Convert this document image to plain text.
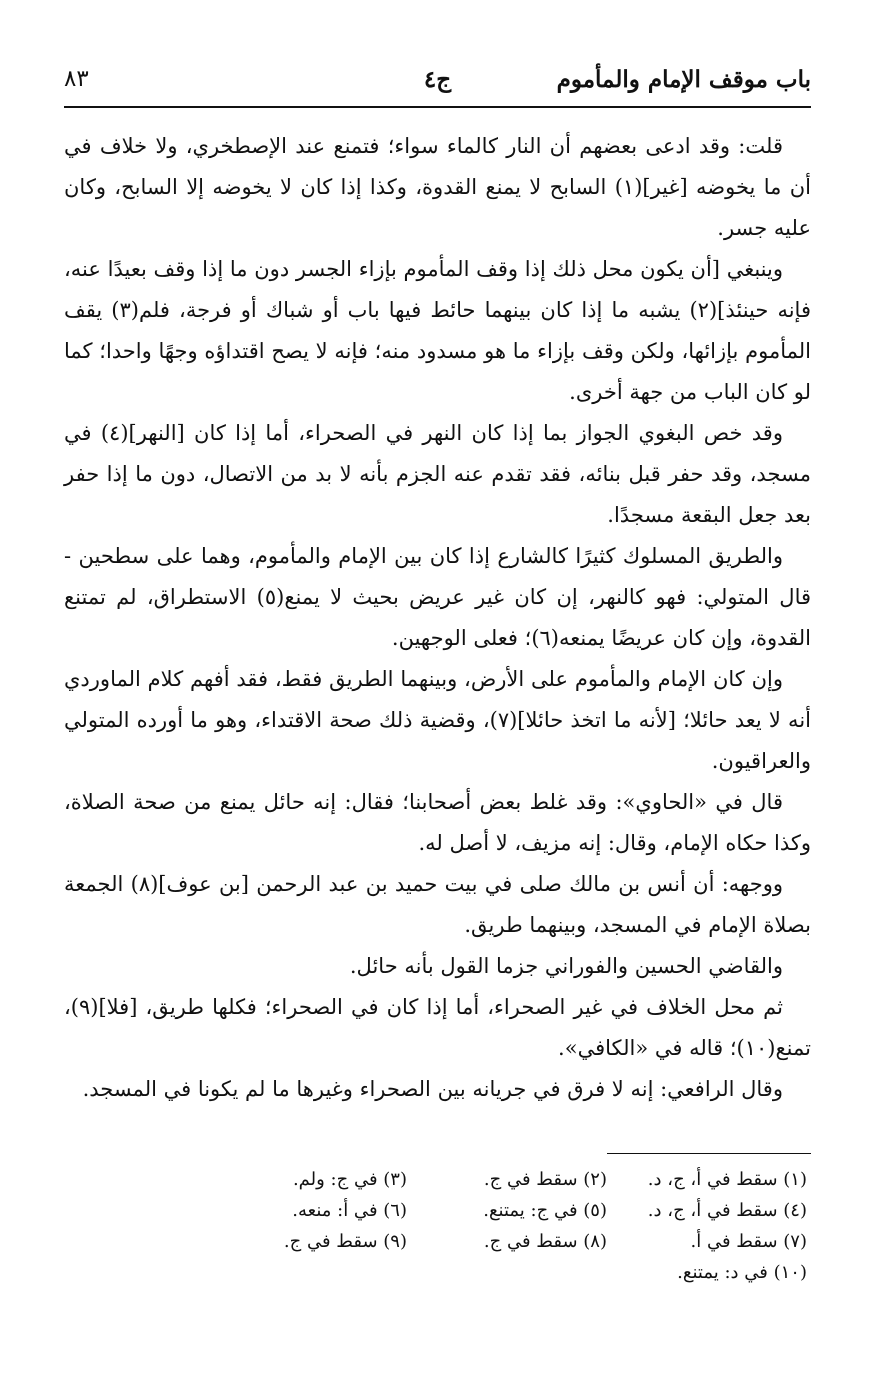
باب موقف الإمام والمأموم
ج٤
٨٣

قلت: وقد ادعى بعضهم أن النار كالماء سواء؛ فتمنع عند الإصطخري، ولا خلاف في أن ما يخوضه [غير](١) السابح لا يمنع القدوة، وكذا إذا كان لا يخوضه إلا السابح، وكان عليه جسر.

وينبغي [أن يكون محل ذلك إذا وقف المأموم بإزاء الجسر دون ما إذا وقف بعيدًا عنه، فإنه حينئذ](٢) يشبه ما إذا كان بينهما حائط فيها باب أو شباك أو فرجة، فلم(٣) يقف المأموم بإزائها، ولكن وقف بإزاء ما هو مسدود منه؛ فإنه لا يصح اقتداؤه وجهًا واحدا؛ كما لو كان الباب من جهة أخرى.

وقد خص البغوي الجواز بما إذا كان النهر في الصحراء، أما إذا كان [النهر](٤) في مسجد، وقد حفر قبل بنائه، فقد تقدم عنه الجزم بأنه لا بد من الاتصال، دون ما إذا حفر بعد جعل البقعة مسجدًا.

والطريق المسلوك كثيرًا كالشارع إذا كان بين الإمام والمأموم، وهما على سطحين - قال المتولي: فهو كالنهر، إن كان غير عريض بحيث لا يمنع(٥) الاستطراق، لم تمتنع القدوة، وإن كان عريضًا يمنعه(٦)؛ فعلى الوجهين.

وإن كان الإمام والمأموم على الأرض، وبينهما الطريق فقط، فقد أفهم كلام الماوردي أنه لا يعد حائلا؛ [لأنه ما اتخذ حائلا](٧)، وقضية ذلك صحة الاقتداء، وهو ما أورده المتولي والعراقيون.

قال في «الحاوي»: وقد غلط بعض أصحابنا؛ فقال: إنه حائل يمنع من صحة الصلاة، وكذا حكاه الإمام، وقال: إنه مزيف، لا أصل له.

ووجهه: أن أنس بن مالك صلى في بيت حميد بن عبد الرحمن [بن عوف](٨) الجمعة بصلاة الإمام في المسجد، وبينهما طريق.

والقاضي الحسين والفوراني جزما القول بأنه حائل.

ثم محل الخلاف في غير الصحراء، أما إذا كان في الصحراء؛ فكلها طريق، [فلا](٩)، تمنع(١٠)؛ قاله في «الكافي».

وقال الرافعي: إنه لا فرق في جريانه بين الصحراء وغيرها ما لم يكونا في المسجد.

(١) سقط في أ، ج، د.
(٢) سقط في ج.
(٣) في ج: ولم.
(٤) سقط في أ، ج، د.
(٥) في ج: يمتنع.
(٦) في أ: منعه.
(٧) سقط في أ.
(٨) سقط في ج.
(٩) سقط في ج.
(١٠) في د: يمتنع.
